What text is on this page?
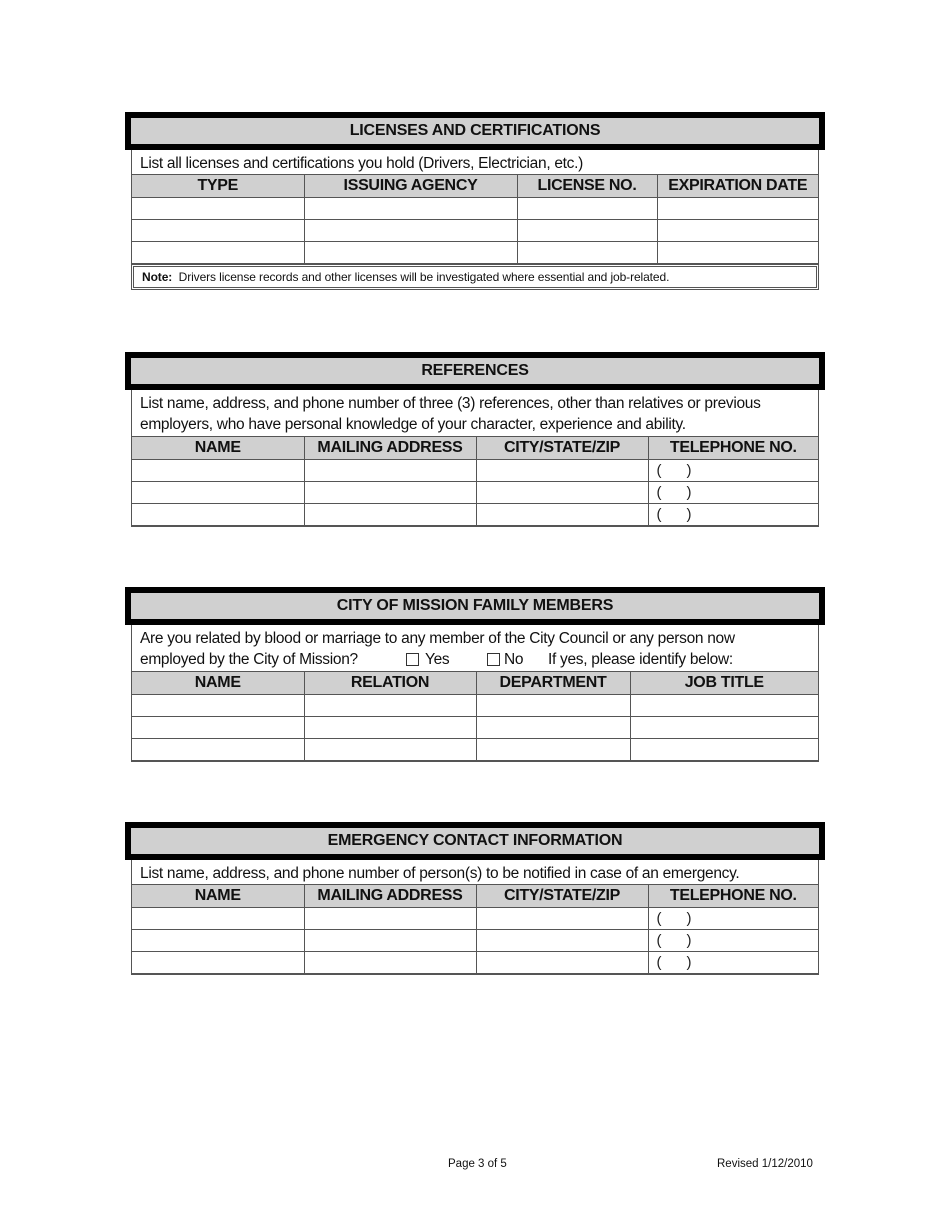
LICENSES AND CERTIFICATIONS
List all licenses and certifications you hold (Drivers, Electrician, etc.)
TYPE	ISSUING AGENCY	LICENSE NO.	EXPIRATION DATE

Note: Drivers license records and other licenses will be investigated where essential and job-related.
REFERENCES
List name, address, and phone number of three (3) references, other than relatives or previous employers, who have personal knowledge of your character, experience and ability.
NAME	MAILING ADDRESS	CITY/STATE/ZIP	TELEPHONE NO.
			(      )
			(      )
			(      )
CITY OF MISSION FAMILY MEMBERS
Are you related by blood or marriage to any member of the City Council or any person now
employed by the City of Mission?	Yes	No	If yes, please identify below:
NAME	RELATION	DEPARTMENT	JOB TITLE

EMERGENCY CONTACT INFORMATION
List name, address, and phone number of person(s) to be notified in case of an emergency.
NAME	MAILING ADDRESS	CITY/STATE/ZIP	TELEPHONE NO.
			(      )
			(      )
			(      )
Page 3 of 5	Revised 1/12/2010
